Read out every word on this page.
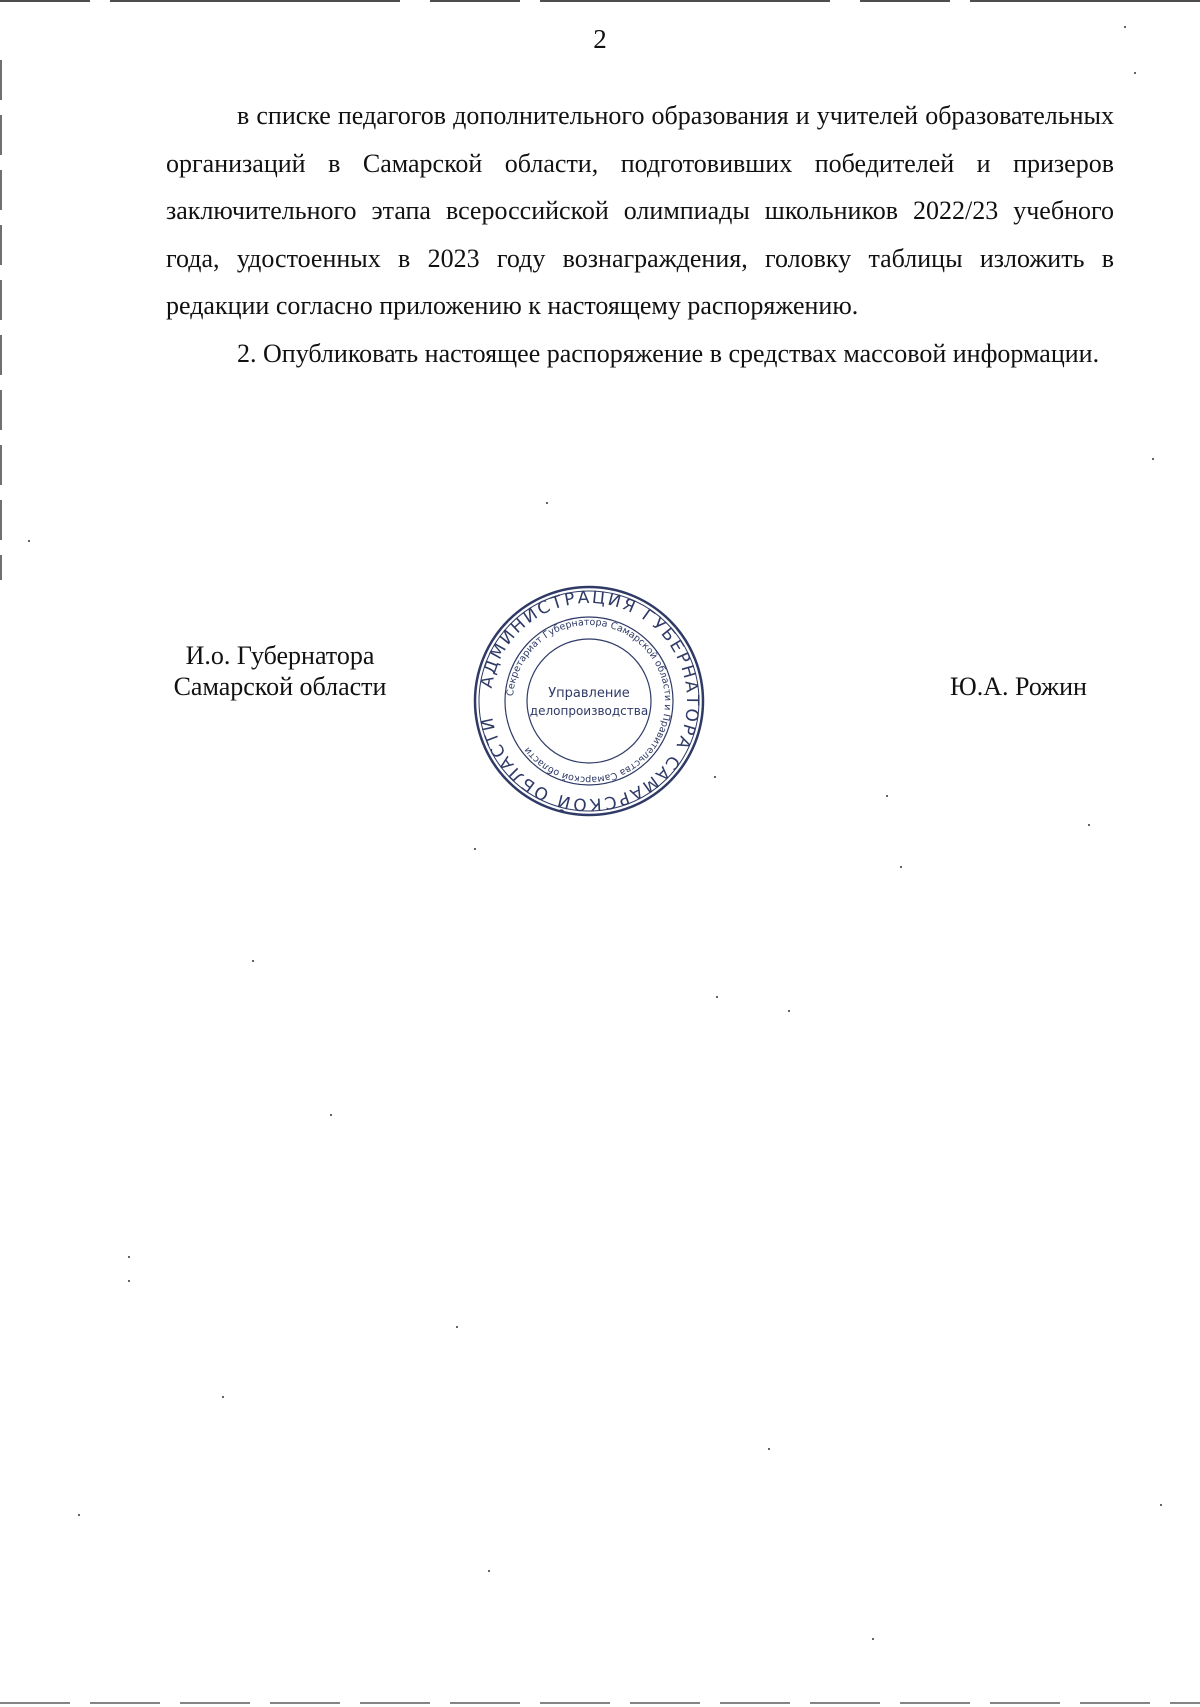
2

в списке педагогов дополнительного образования и учителей образовательных организаций в Самарской области, подготовивших победителей и призеров заключительного этапа всероссийской олимпиады школьников 2022/23 учебного года, удостоенных в 2023 году вознаграждения, головку таблицы изложить в редакции согласно приложению к настоящему распоряжению.

2. Опубликовать настоящее распоряжение в средствах массовой информации.

И.о. Губернатора
Самарской области	АДМИНИСТРАЦИЯ ГУБЕРНАТОРА САМАРСКОЙ ОБЛАСТИ
Секретариат Губернатора Самарской области и Правительства Самарской области
Управление
делопроизводства
Ю.А. Рожин
